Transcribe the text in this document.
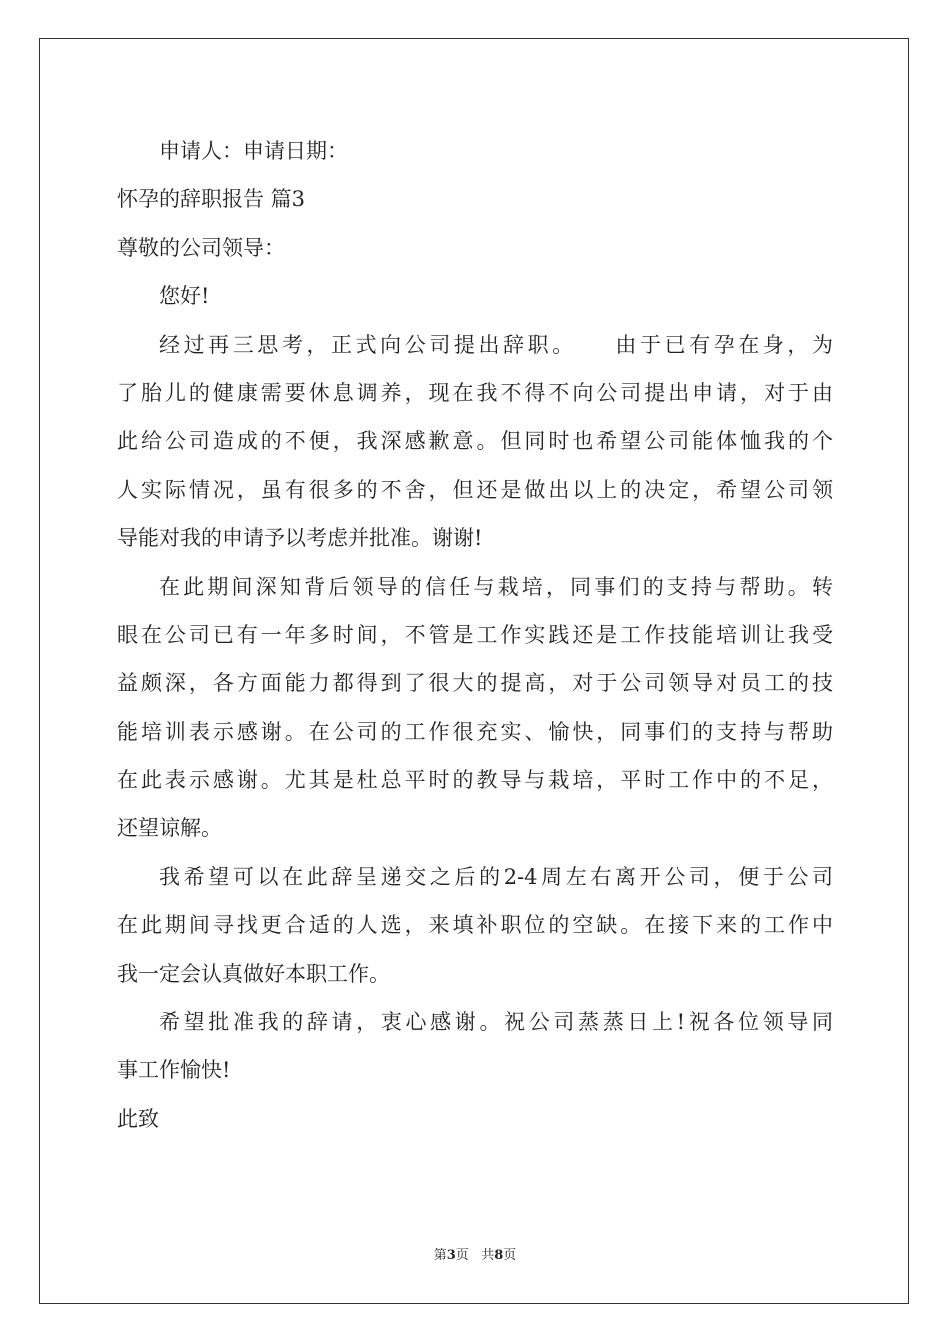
申请人：申请日期：
怀孕的辞职报告 篇3
尊敬的公司领导：
您好!
经过再三思考，正式向公司提出辞职。　　由于已有孕在身，为
了胎儿的健康需要休息调养，现在我不得不向公司提出申请，对于由
此给公司造成的不便，我深感歉意。但同时也希望公司能体恤我的个
人实际情况，虽有很多的不舍，但还是做出以上的决定，希望公司领
导能对我的申请予以考虑并批准。谢谢!
在此期间深知背后领导的信任与栽培，同事们的支持与帮助。转
眼在公司已有一年多时间，不管是工作实践还是工作技能培训让我受
益颇深，各方面能力都得到了很大的提高，对于公司领导对员工的技
能培训表示感谢。在公司的工作很充实、愉快，同事们的支持与帮助
在此表示感谢。尤其是杜总平时的教导与栽培，平时工作中的不足，
还望谅解。
我希望可以在此辞呈递交之后的2-4周左右离开公司，便于公司
在此期间寻找更合适的人选，来填补职位的空缺。在接下来的工作中
我一定会认真做好本职工作。
希望批准我的辞请，衷心感谢。祝公司蒸蒸日上!祝各位领导同
事工作愉快!
此致
第3页 共8页
